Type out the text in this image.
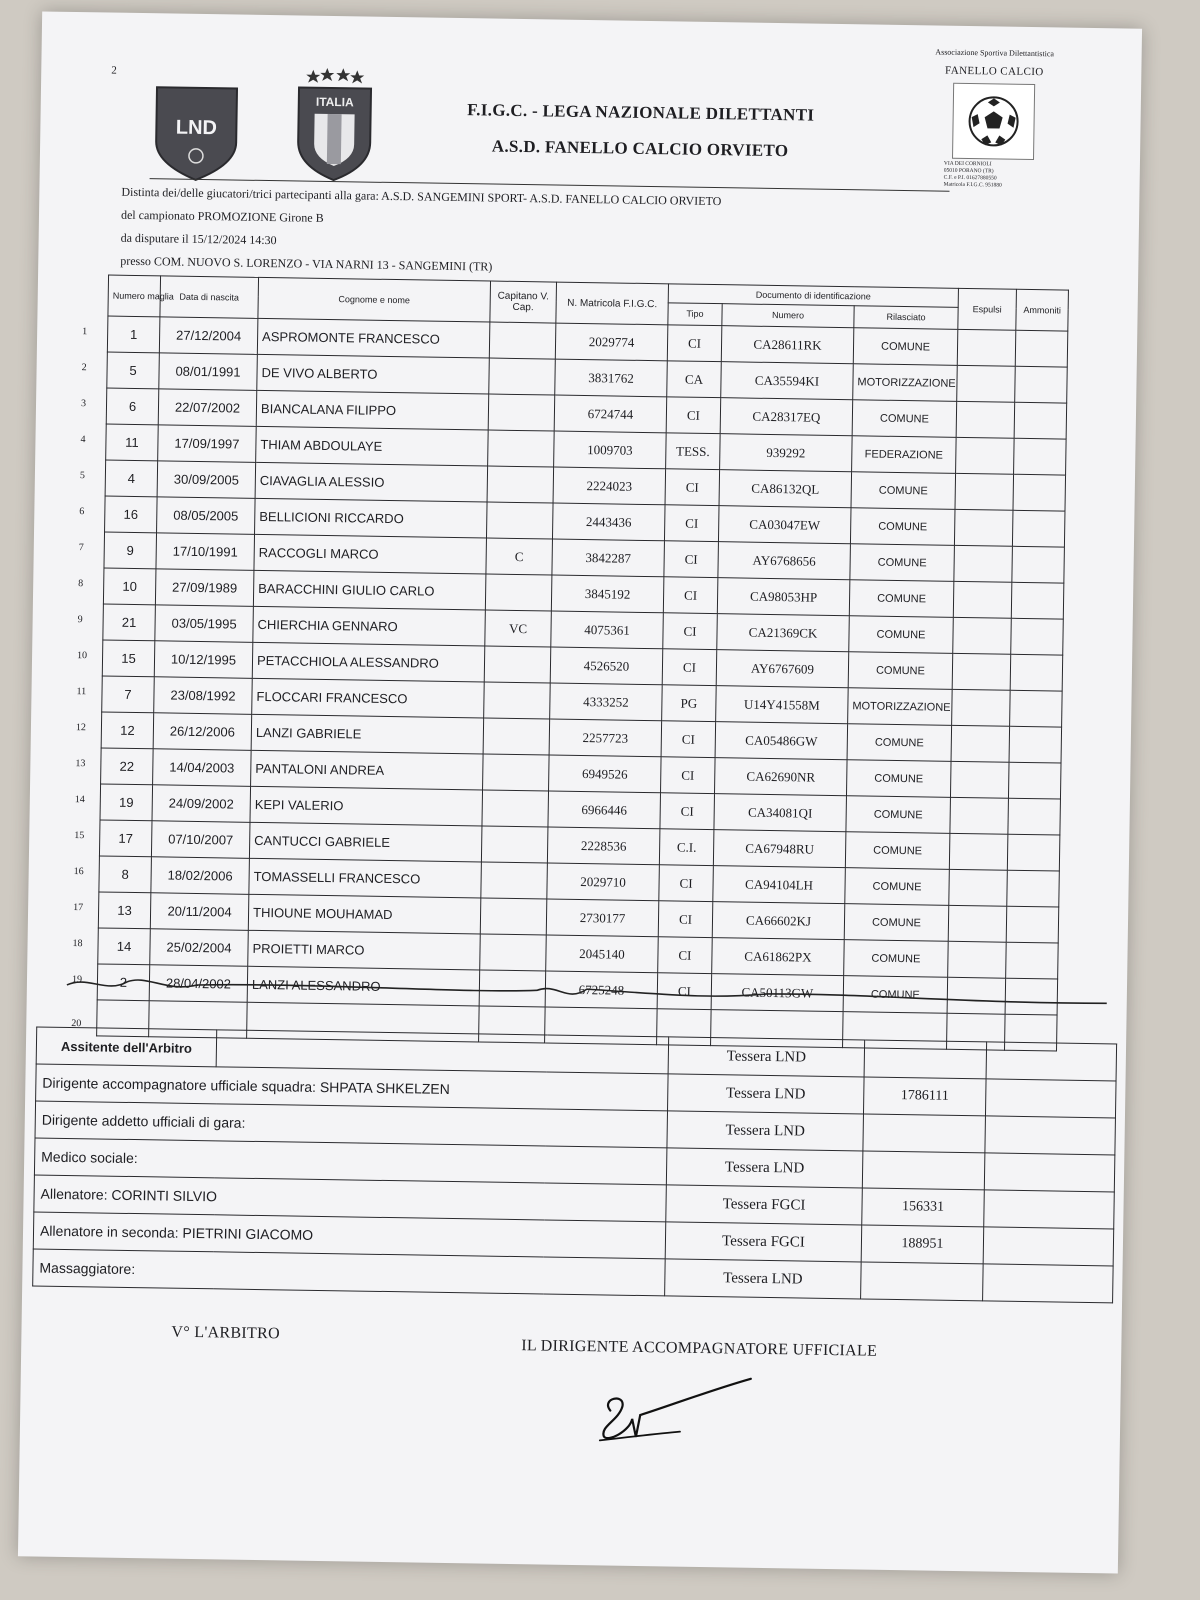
2
LND
ITALIA	F.I.G.C. - LEGA NAZIONALE DILETTANTI
A.S.D. FANELLO CALCIO ORVIETO
Associazione Sportiva Dilettantistica
FANELLO CALCIO
VIA DEI CORNIOLI
05010 PORANO (TR)
C.F. e P.I. 01627880550
Matricola F.I.G.C. 951880
Distinta dei/delle giucatori/trici partecipanti alla gara: A.S.D. SANGEMINI SPORT- A.S.D. FANELLO CALCIO ORVIETO
del campionato PROMOZIONE Girone B
da disputare il 15/12/2024 14:30
presso COM. NUOVO S. LORENZO - VIA NARNI 13 - SANGEMINI (TR)
Numero maglia	Data di nascita	Cognome e nome	Capitano V. Cap.	N. Matricola F.I.G.C.	Documento di identificazione			Espulsi	Ammoniti
					Tipo	Numero	Rilasciato		

1 1	27/12/2004	ASPROMONTE FRANCESCO		2029774	CI	CA28611RK	COMUNE		

2 5	08/01/1991	DE VIVO ALBERTO		3831762	CA	CA35594KI	MOTORIZZAZIONE		

3 6	22/07/2002	BIANCALANA FILIPPO		6724744	CI	CA28317EQ	COMUNE		

4 11	17/09/1997	THIAM ABDOULAYE		1009703	TESS.	939292	FEDERAZIONE		

5 4	30/09/2005	CIAVAGLIA ALESSIO		2224023	CI	CA86132QL	COMUNE		

6 16	08/05/2005	BELLICIONI RICCARDO		2443436	CI	CA03047EW	COMUNE		

7 9	17/10/1991	RACCOGLI MARCO	C	3842287	CI	AY6768656	COMUNE		

8 10	27/09/1989	BARACCHINI GIULIO CARLO		3845192	CI	CA98053HP	COMUNE		

9 21	03/05/1995	CHIERCHIA GENNARO	VC	4075361	CI	CA21369CK	COMUNE		

10 15	10/12/1995	PETACCHIOLA ALESSANDRO		4526520	CI	AY6767609	COMUNE		

11 7	23/08/1992	FLOCCARI FRANCESCO		4333252	PG	U14Y41558M	MOTORIZZAZIONE		

12 12	26/12/2006	LANZI GABRIELE		2257723	CI	CA05486GW	COMUNE		

13 22	14/04/2003	PANTALONI ANDREA		6949526	CI	CA62690NR	COMUNE		

14 19	24/09/2002	KEPI VALERIO		6966446	CI	CA34081QI	COMUNE		

15 17	07/10/2007	CANTUCCI GABRIELE		2228536	C.I.	CA67948RU	COMUNE		

16 8	18/02/2006	TOMASSELLI FRANCESCO		2029710	CI	CA94104LH	COMUNE		

17 13	20/11/2004	THIOUNE MOUHAMAD		2730177	CI	CA66602KJ	COMUNE		

18 14	25/02/2004	PROIETTI MARCO		2045140	CI	CA61862PX	COMUNE		

19 2	28/04/2002	LANZI ALESSANDRO		6725248	CI	CA50113GW	COMUNE		

20									

Assitente dell'Arbitro		Tessera LND		
Dirigente accompagnatore ufficiale squadra: SHPATA SHKELZEN		Tessera LND	1786111	
Dirigente addetto ufficiali di gara:		Tessera LND		
Medico sociale:		Tessera LND		
Allenatore: CORINTI SILVIO		Tessera FGCI	156331	
Allenatore in seconda: PIETRINI GIACOMO		Tessera FGCI	188951	
Massaggiatore:		Tessera LND		
V° L'ARBITRO
IL DIRIGENTE ACCOMPAGNATORE UFFICIALE
